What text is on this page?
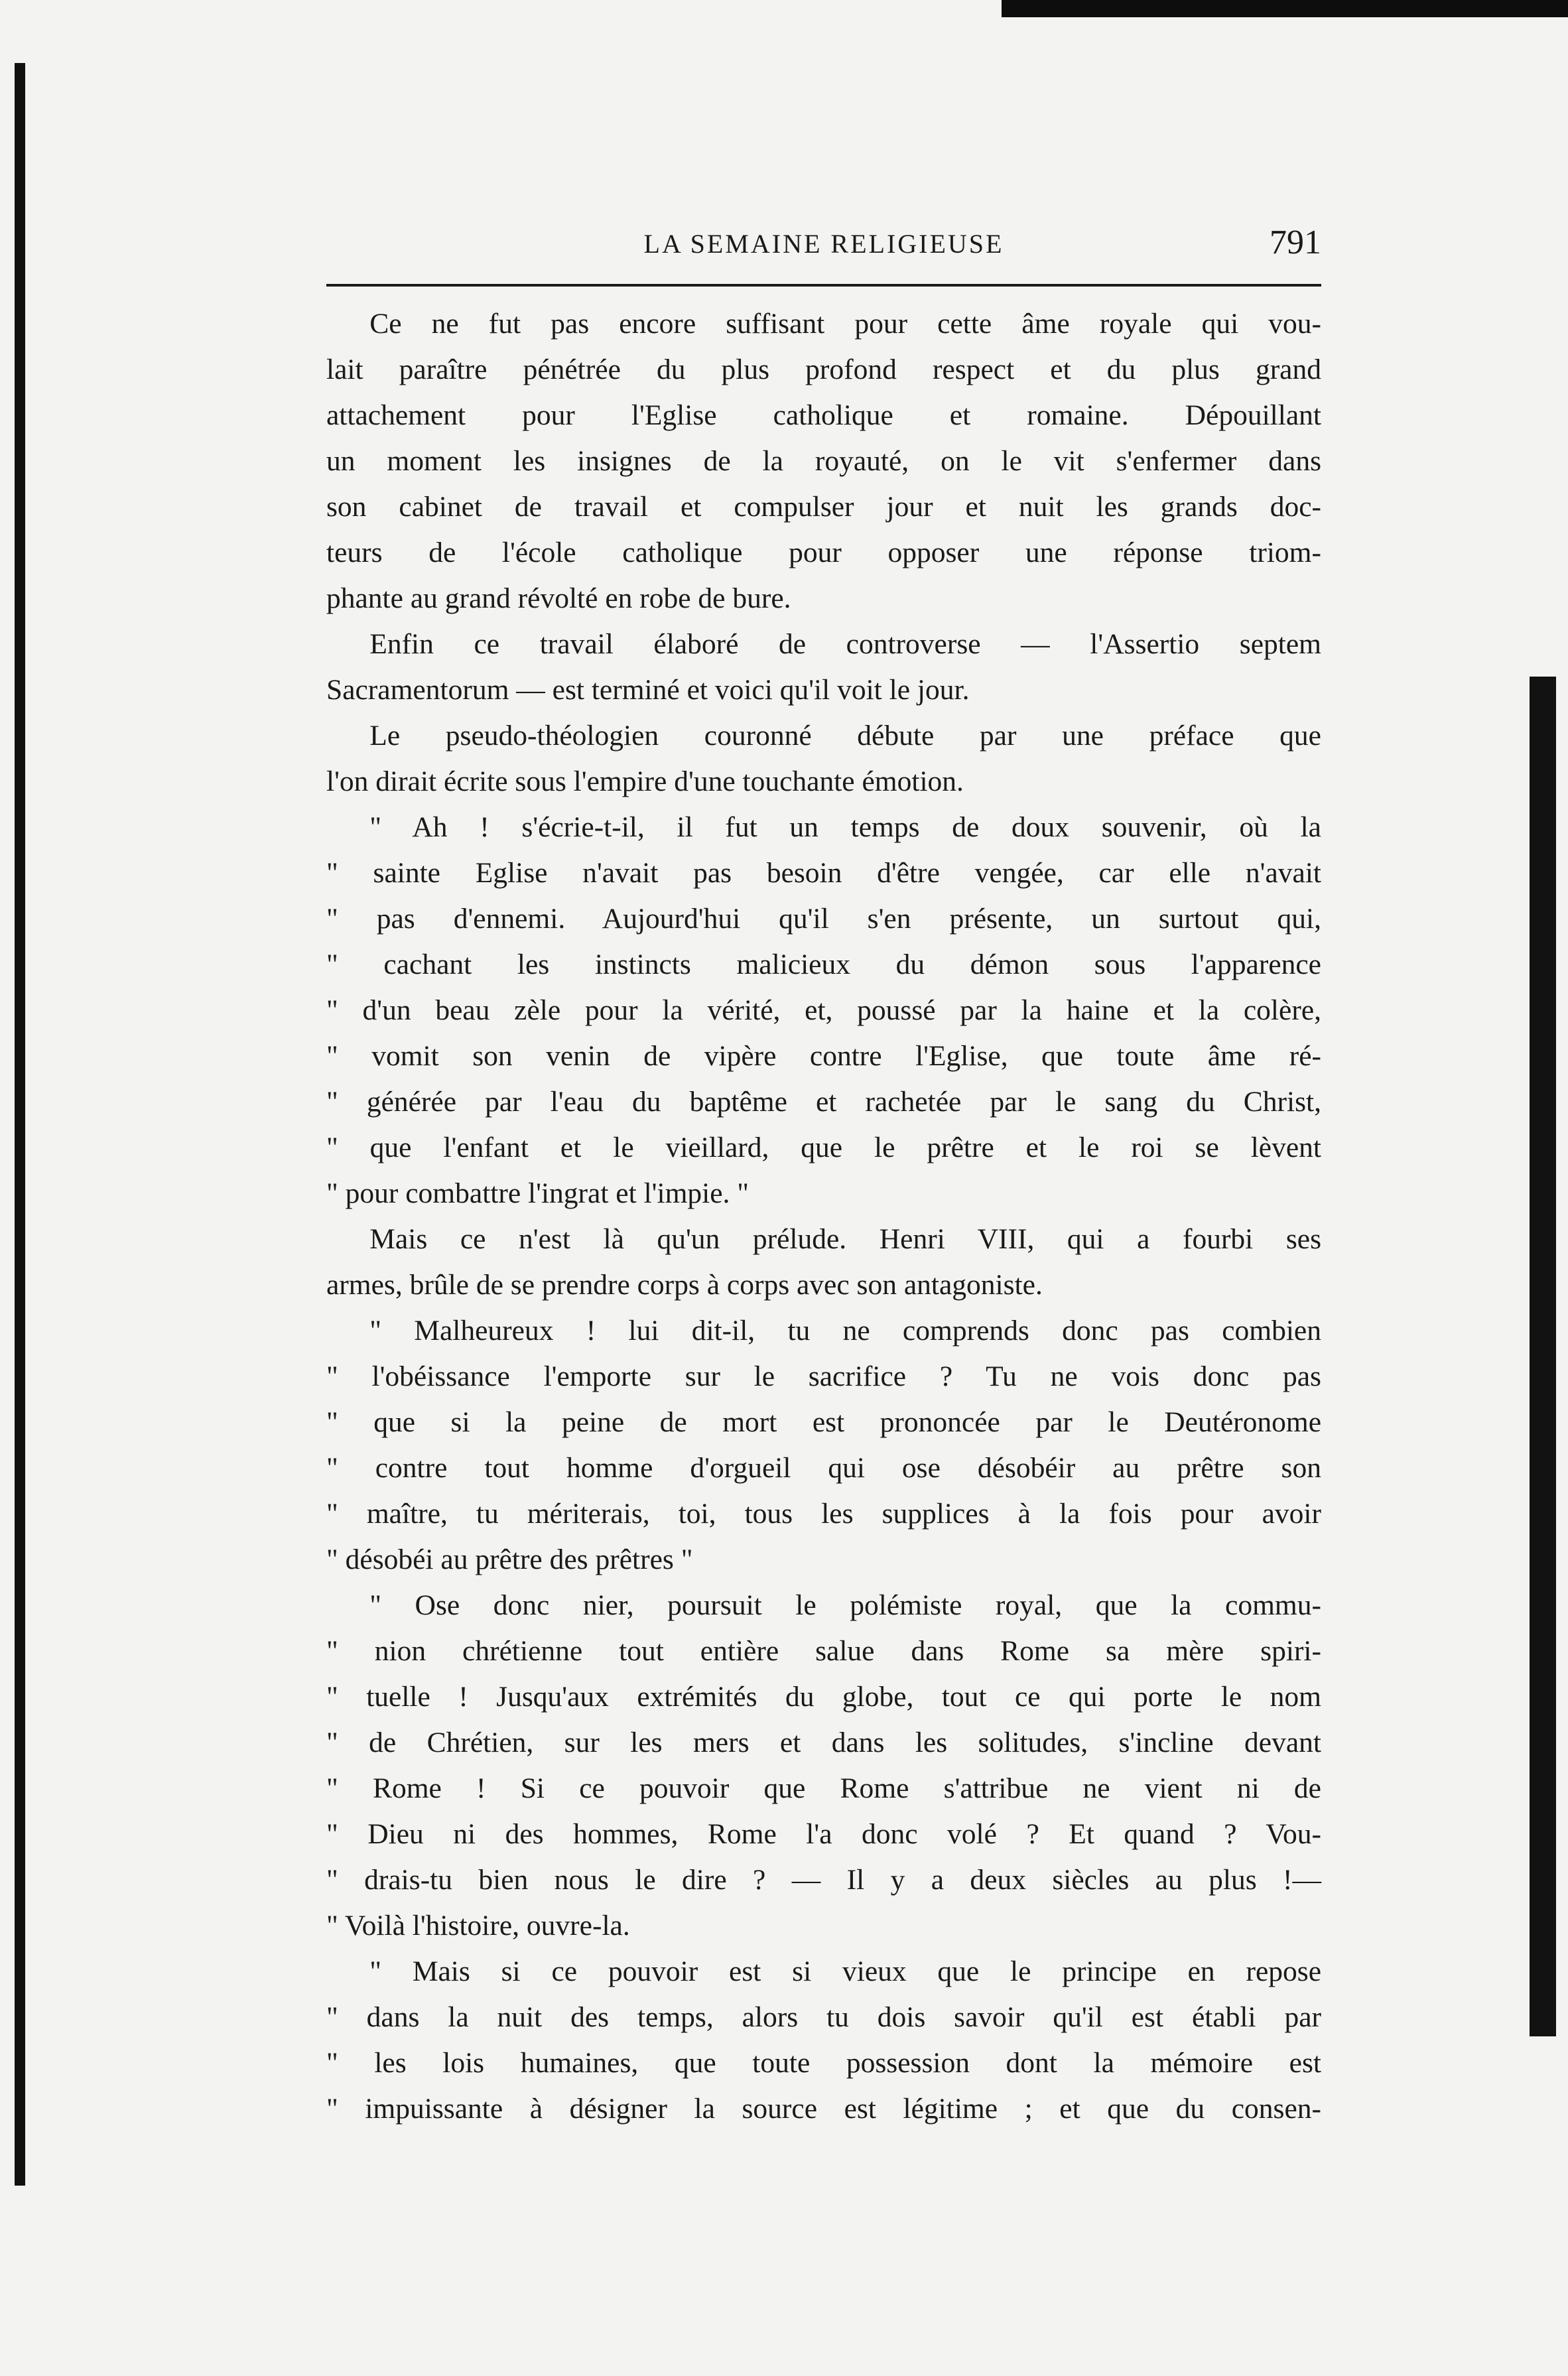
LA SEMAINE RELIGIEUSE	791
Ce ne fut pas encore suffisant pour cette âme royale qui vou-
lait paraître pénétrée du plus profond respect et du plus grand
attachement pour l'Eglise catholique et romaine. Dépouillant
un moment les insignes de la royauté, on le vit s'enfermer dans
son cabinet de travail et compulser jour et nuit les grands doc-
teurs de l'école catholique pour opposer une réponse triom-
phante au grand révolté en robe de bure.
Enfin ce travail élaboré de controverse — l'Assertio septem
Sacramentorum — est terminé et voici qu'il voit le jour.
Le pseudo-théologien couronné débute par une préface que
l'on dirait écrite sous l'empire d'une touchante émotion.
" Ah ! s'écrie-t-il, il fut un temps de doux souvenir, où la
" sainte Eglise n'avait pas besoin d'être vengée, car elle n'avait
" pas d'ennemi. Aujourd'hui qu'il s'en présente, un surtout qui,
" cachant les instincts malicieux du démon sous l'apparence
" d'un beau zèle pour la vérité, et, poussé par la haine et la colère,
" vomit son venin de vipère contre l'Eglise, que toute âme ré-
" générée par l'eau du baptême et rachetée par le sang du Christ,
" que l'enfant et le vieillard, que le prêtre et le roi se lèvent
" pour combattre l'ingrat et l'impie. "
Mais ce n'est là qu'un prélude. Henri VIII, qui a fourbi ses
armes, brûle de se prendre corps à corps avec son antagoniste.
" Malheureux ! lui dit-il, tu ne comprends donc pas combien
" l'obéissance l'emporte sur le sacrifice ? Tu ne vois donc pas
" que si la peine de mort est prononcée par le Deutéronome
" contre tout homme d'orgueil qui ose désobéir au prêtre son
" maître, tu mériterais, toi, tous les supplices à la fois pour avoir
" désobéi au prêtre des prêtres "
" Ose donc nier, poursuit le polémiste royal, que la commu-
" nion chrétienne tout entière salue dans Rome sa mère spiri-
" tuelle ! Jusqu'aux extrémités du globe, tout ce qui porte le nom
" de Chrétien, sur les mers et dans les solitudes, s'incline devant
" Rome ! Si ce pouvoir que Rome s'attribue ne vient ni de
" Dieu ni des hommes, Rome l'a donc volé ? Et quand ? Vou-
" drais-tu bien nous le dire ? — Il y a deux siècles au plus !—
" Voilà l'histoire, ouvre-la.
" Mais si ce pouvoir est si vieux que le principe en repose
" dans la nuit des temps, alors tu dois savoir qu'il est établi par
" les lois humaines, que toute possession dont la mémoire est
" impuissante à désigner la source est légitime ; et que du consen-
